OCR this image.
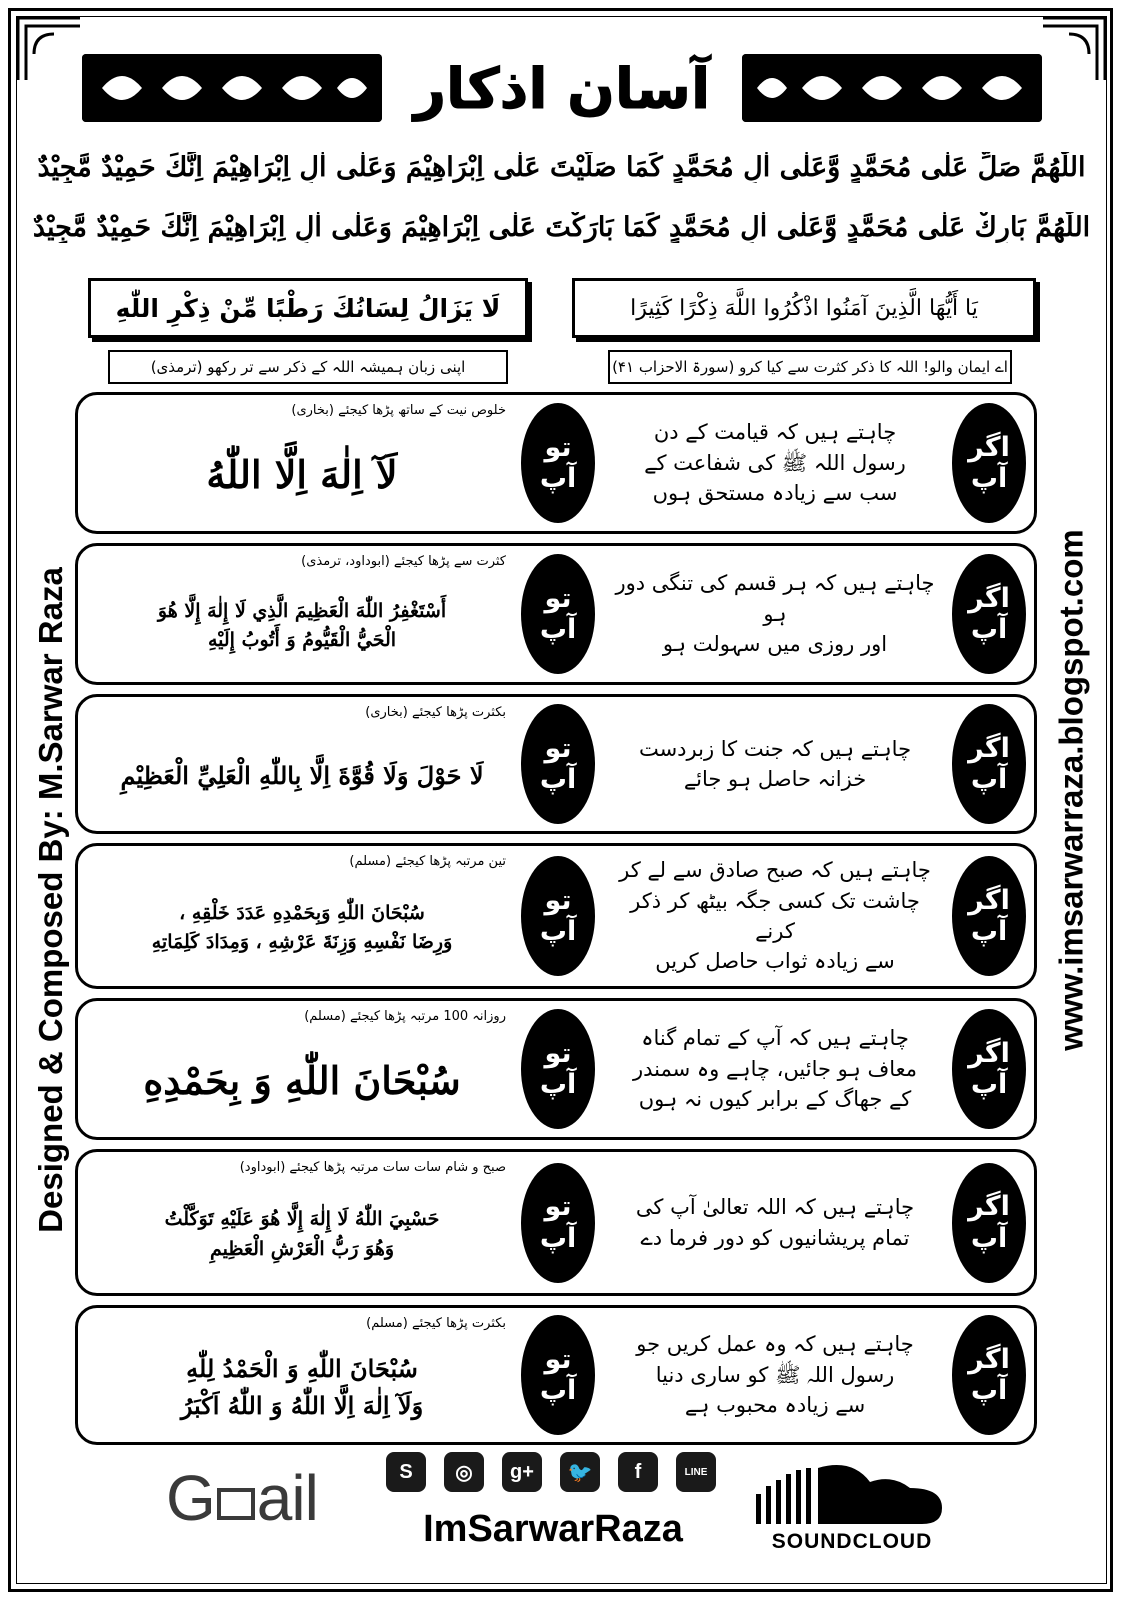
آسان اذکار
اللّٰهُمَّ صَلِّ عَلٰى مُحَمَّدٍ وَّعَلٰى اٰلِ مُحَمَّدٍ كَمَا صَلَّيْتَ عَلٰى اِبْرَاهِيْمَ وَعَلٰى اٰلِ اِبْرَاهِيْمَ اِنَّكَ حَمِيْدٌ مَّجِيْدٌ
اللّٰهُمَّ بَارِكْ عَلٰى مُحَمَّدٍ وَّعَلٰى اٰلِ مُحَمَّدٍ كَمَا بَارَكْتَ عَلٰى اِبْرَاهِيْمَ وَعَلٰى اٰلِ اِبْرَاهِيْمَ اِنَّكَ حَمِيْدٌ مَّجِيْدٌ
يَا أَيُّهَا الَّذِينَ آمَنُوا اذْكُرُوا اللَّهَ ذِكْرًا كَثِيرًا
لَا يَزَالُ لِسَانُكَ رَطْبًا مِّنْ ذِكْرِ اللّٰهِ
اے ایمان والو! اللہ کا ذکر کثرت سے کیا کرو (سورۃ الاحزاب ۴۱)
اپنی زبان ہمیشہ اللہ کے ذکر سے تر رکھو (ترمذی)
Designed & Composed By: M.Sarwar Raza	www.imsarwarraza.blogspot.com
اگر
آپ
تو
آپ
چاہتے ہیں کہ قیامت کے دن
رسول اللہ ﷺ کی شفاعت کے
سب سے زیادہ مستحق ہوں
خلوص نیت کے ساتھ پڑھا کیجئے (بخاری)
لَآ اِلٰهَ اِلَّا اللّٰهُ
اگر
آپ
تو
آپ
چاہتے ہیں کہ ہر قسم کی تنگی دور ہو
اور روزی میں سہولت ہو
کثرت سے پڑھا کیجئے (ابوداود، ترمذی)
أَسْتَغْفِرُ اللّٰهَ الْعَظِيمَ الَّذِي لَا إِلٰهَ إِلَّا هُوَ
الْحَيُّ الْقَيُّومُ وَ أَتُوبُ إِلَيْهِ
اگر
آپ
تو
آپ
چاہتے ہیں کہ جنت کا زبردست
خزانہ حاصل ہو جائے
بکثرت پڑھا کیجئے (بخاری)
لَا حَوْلَ وَلَا قُوَّةَ اِلَّا بِاللّٰهِ الْعَلِيِّ الْعَظِيْمِ
اگر
آپ
تو
آپ
چاہتے ہیں کہ صبح صادق سے لے کر
چاشت تک کسی جگہ بیٹھ کر ذکر کرنے
سے زیادہ ثواب حاصل کریں
تین مرتبہ پڑھا کیجئے (مسلم)
سُبْحَانَ اللّٰهِ وَبِحَمْدِهِ عَدَدَ خَلْقِهِ ،
وَرِضَا نَفْسِهِ وَزِنَةَ عَرْشِهِ ، وَمِدَادَ كَلِمَاتِهِ
اگر
آپ
تو
آپ
چاہتے ہیں کہ آپ کے تمام گناہ
معاف ہو جائیں، چاہے وہ سمندر
کے جھاگ کے برابر کیوں نہ ہوں
روزانہ 100 مرتبہ پڑھا کیجئے (مسلم)
سُبْحَانَ اللّٰهِ وَ بِحَمْدِهِ
اگر
آپ
تو
آپ
چاہتے ہیں کہ اللہ تعالیٰ آپ کی
تمام پریشانیوں کو دور فرما دے
صبح و شام سات سات مرتبہ پڑھا کیجئے (ابوداود)
حَسْبِيَ اللّٰهُ لَا إِلٰهَ إِلَّا هُوَ عَلَيْهِ تَوَكَّلْتُ
وَهُوَ رَبُّ الْعَرْشِ الْعَظِيمِ
اگر
آپ
تو
آپ
چاہتے ہیں کہ وہ عمل کریں جو
رسول اللہ ﷺ کو ساری دنیا
سے زیادہ محبوب ہے
بکثرت پڑھا کیجئے (مسلم)
سُبْحَانَ اللّٰهِ وَ الْحَمْدُ لِلّٰهِ
وَلَآ اِلٰهَ اِلَّا اللّٰهُ وَ اللّٰهُ اَكْبَرُ
S	◎	g+	🐦	f	LINE
G ail	ImSarwarRaza	SOUNDCLOUD
